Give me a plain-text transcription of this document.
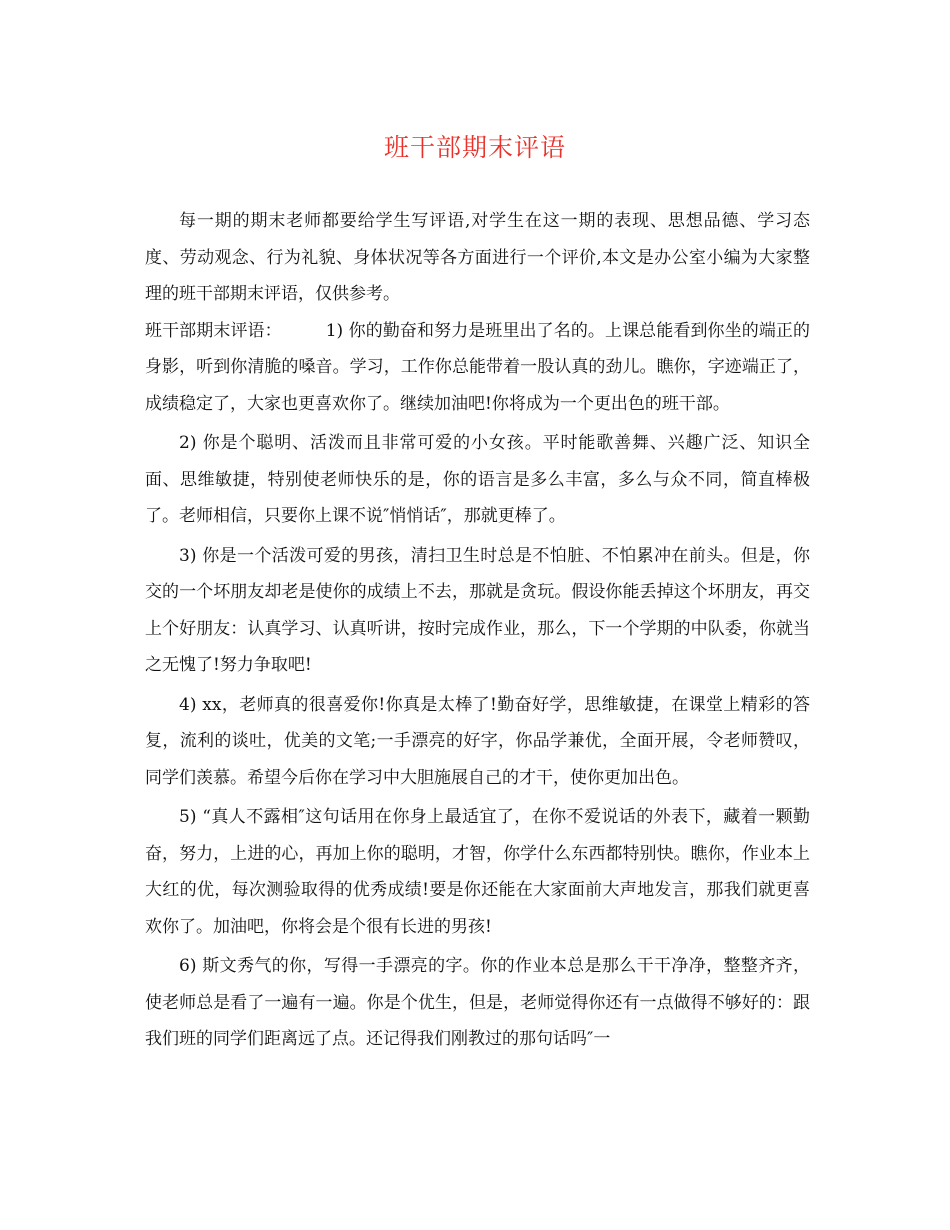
班干部期末评语

每一期的期末老师都要给学生写评语,对学生在这一期的表现、思想品德、学习态度、劳动观念、行为礼貌、身体状况等各方面进行一个评价,本文是办公室小编为大家整理的班干部期末评语，仅供参考。

班干部期末评语：	1) 你的勤奋和努力是班里出了名的。上课总能看到你坐的端正的身影，听到你清脆的嗓音。学习，工作你总能带着一股认真的劲儿。瞧你，字迹端正了，成绩稳定了，大家也更喜欢你了。继续加油吧!你将成为一个更出色的班干部。

2) 你是个聪明、活泼而且非常可爱的小女孩。平时能歌善舞、兴趣广泛、知识全面、思维敏捷，特别使老师快乐的是，你的语言是多么丰富，多么与众不同，简直棒极了。老师相信，只要你上课不说″悄悄话″，那就更棒了。

3) 你是一个活泼可爱的男孩，清扫卫生时总是不怕脏、不怕累冲在前头。但是，你交的一个坏朋友却老是使你的成绩上不去，那就是贪玩。假设你能丢掉这个坏朋友，再交上个好朋友：认真学习、认真听讲，按时完成作业，那么，下一个学期的中队委，你就当之无愧了!努力争取吧!

4) xx，老师真的很喜爱你!你真是太棒了!勤奋好学，思维敏捷，在课堂上精彩的答复，流利的谈吐，优美的文笔;一手漂亮的好字，你品学兼优，全面开展，令老师赞叹，同学们羡慕。希望今后你在学习中大胆施展自己的才干，使你更加出色。

5) “真人不露相″这句话用在你身上最适宜了，在你不爱说话的外表下，藏着一颗勤奋，努力，上进的心，再加上你的聪明，才智，你学什么东西都特别快。瞧你，作业本上大红的优，每次测验取得的优秀成绩!要是你还能在大家面前大声地发言，那我们就更喜欢你了。加油吧，你将会是个很有长进的男孩!

6) 斯文秀气的你，写得一手漂亮的字。你的作业本总是那么干干净净，整整齐齐，使老师总是看了一遍有一遍。你是个优生，但是，老师觉得你还有一点做得不够好的：跟我们班的同学们距离远了点。还记得我们刚教过的那句话吗″一
